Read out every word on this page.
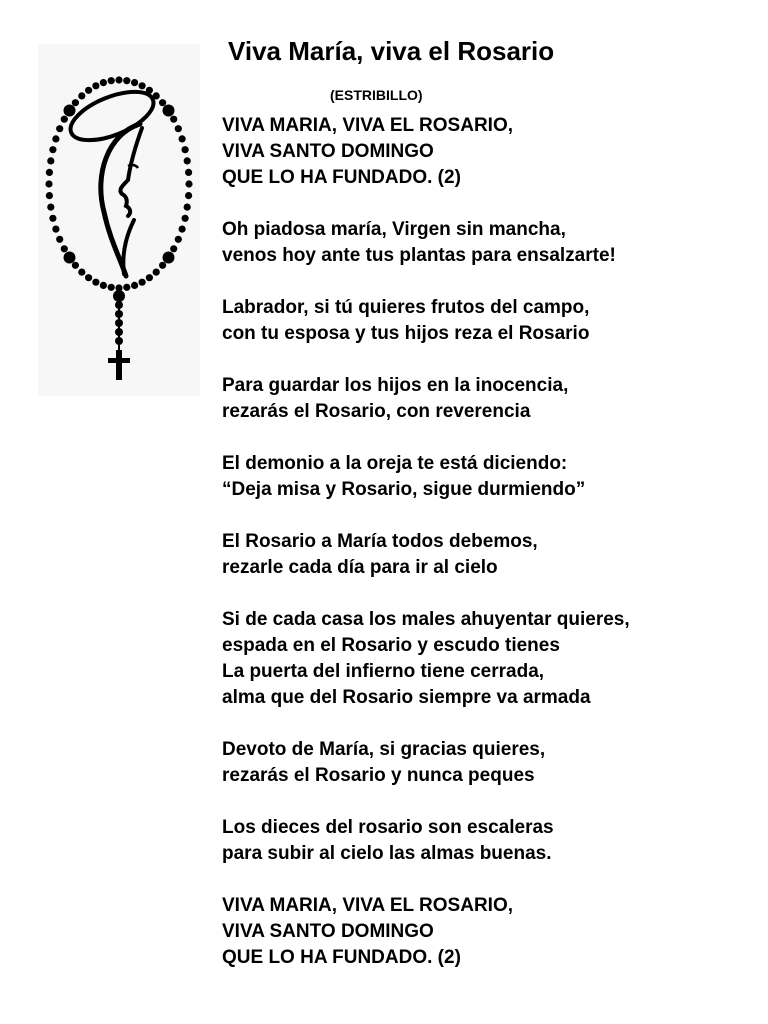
Viva María, viva el Rosario

(ESTRIBILLO)

VIVA MARIA, VIVA EL ROSARIO,
VIVA SANTO DOMINGO
QUE LO HA FUNDADO. (2)

Oh piadosa maría, Virgen sin mancha,
venos hoy ante tus plantas para ensalzarte!

Labrador, si tú quieres frutos del campo,
con tu esposa y tus hijos reza el Rosario

Para guardar los hijos en la inocencia,
rezarás el Rosario, con reverencia

El demonio a la oreja te está diciendo:
“Deja misa y Rosario, sigue durmiendo”

El Rosario a María todos debemos,
rezarle cada día para ir al cielo

Si de cada casa los males ahuyentar quieres,
espada en el Rosario y escudo tienes
La puerta del infierno tiene cerrada,
alma que del Rosario siempre va armada

Devoto de María, si gracias quieres,
rezarás el Rosario y nunca peques

Los dieces del rosario son escaleras
para subir al cielo las almas buenas.

VIVA MARIA, VIVA EL ROSARIO,
VIVA SANTO DOMINGO
QUE LO HA FUNDADO. (2)
